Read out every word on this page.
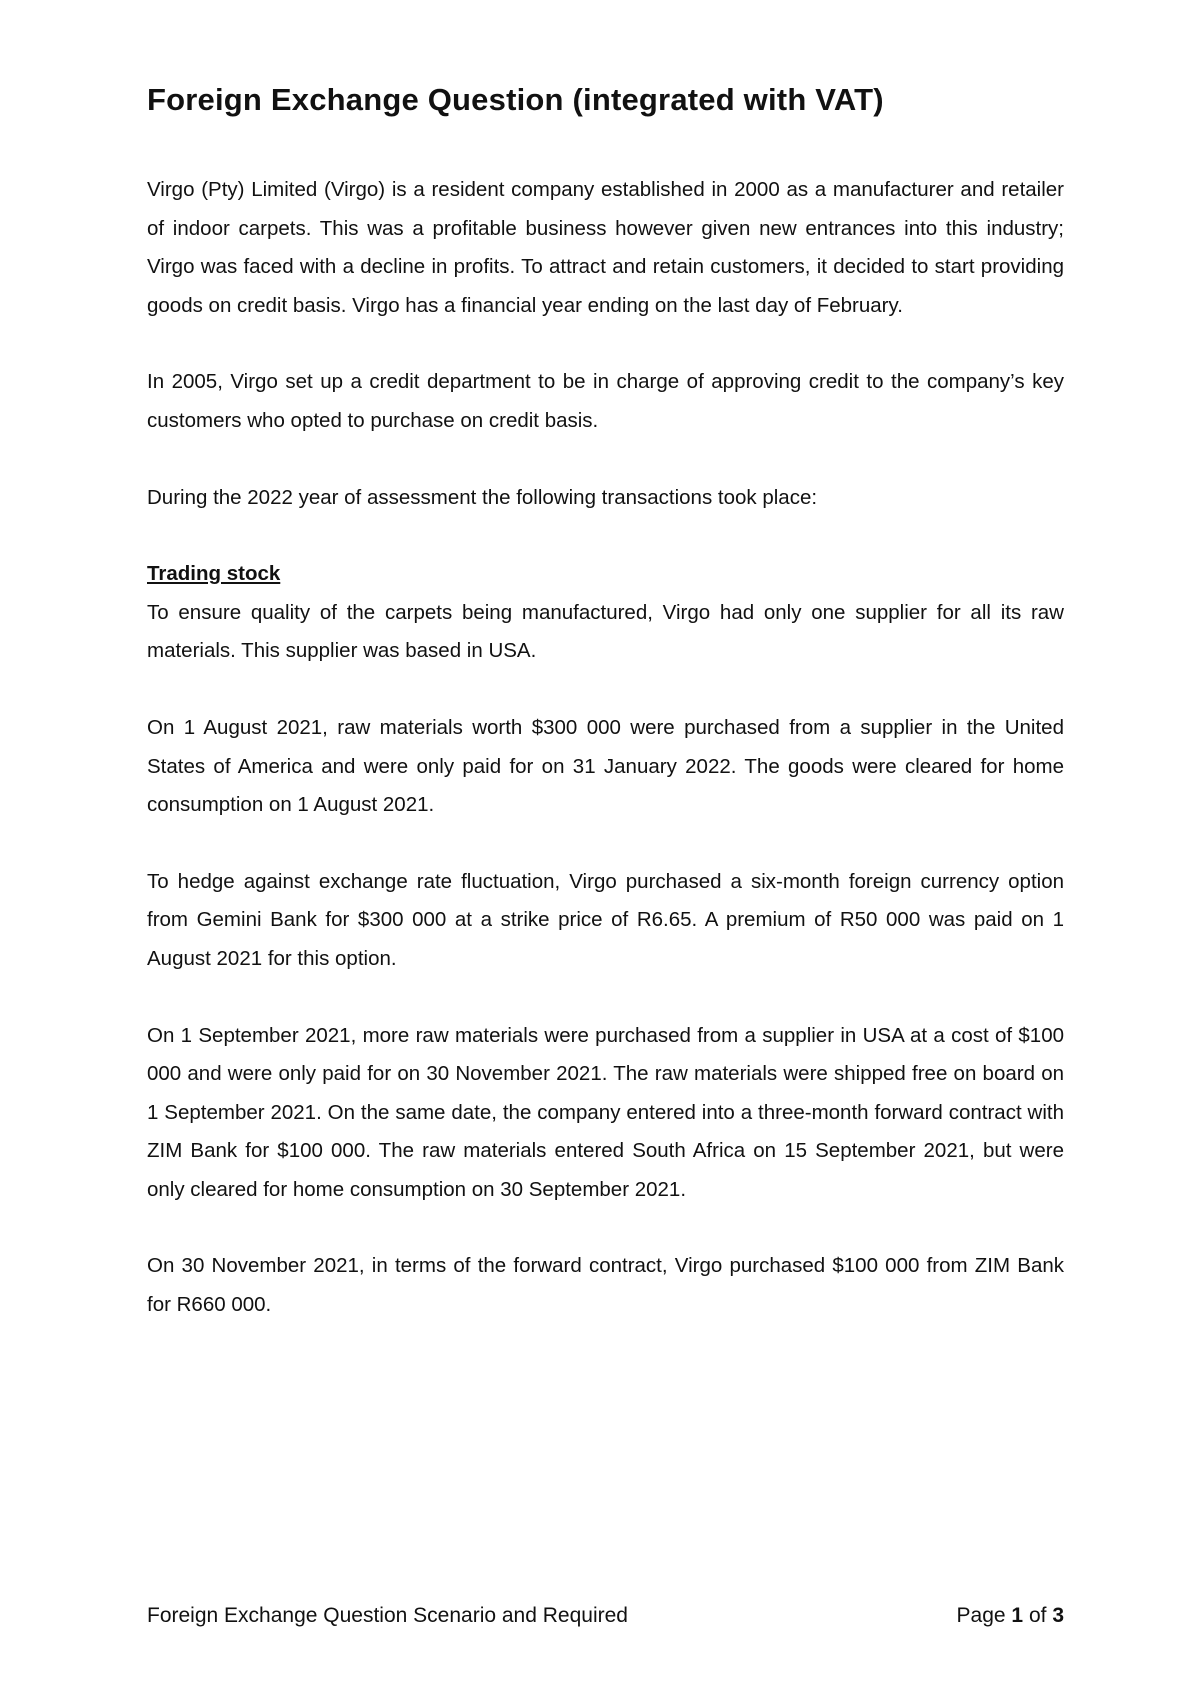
Foreign Exchange Question (integrated with VAT)

Virgo (Pty) Limited (Virgo) is a resident company established in 2000 as a manufacturer and retailer of indoor carpets. This was a profitable business however given new entrances into this industry; Virgo was faced with a decline in profits. To attract and retain customers, it decided to start providing goods on credit basis. Virgo has a financial year ending on the last day of February.

In 2005, Virgo set up a credit department to be in charge of approving credit to the company’s key customers who opted to purchase on credit basis.

During the 2022 year of assessment the following transactions took place:

Trading stock

To ensure quality of the carpets being manufactured, Virgo had only one supplier for all its raw materials. This supplier was based in USA.

On 1 August 2021, raw materials worth $300 000 were purchased from a supplier in the United States of America and were only paid for on 31 January 2022. The goods were cleared for home consumption on 1 August 2021.

To hedge against exchange rate fluctuation, Virgo purchased a six-month foreign currency option from Gemini Bank for $300 000 at a strike price of R6.65. A premium of R50 000 was paid on 1 August 2021 for this option.

On 1 September 2021, more raw materials were purchased from a supplier in USA at a cost of $100 000 and were only paid for on 30 November 2021. The raw materials were shipped free on board on 1 September 2021. On the same date, the company entered into a three-month forward contract with ZIM Bank for $100 000. The raw materials entered South Africa on 15 September 2021, but were only cleared for home consumption on 30 September 2021.

On 30 November 2021, in terms of the forward contract, Virgo purchased $100 000 from ZIM Bank for R660 000.

Foreign Exchange Question Scenario and Required	Page 1 of 3
